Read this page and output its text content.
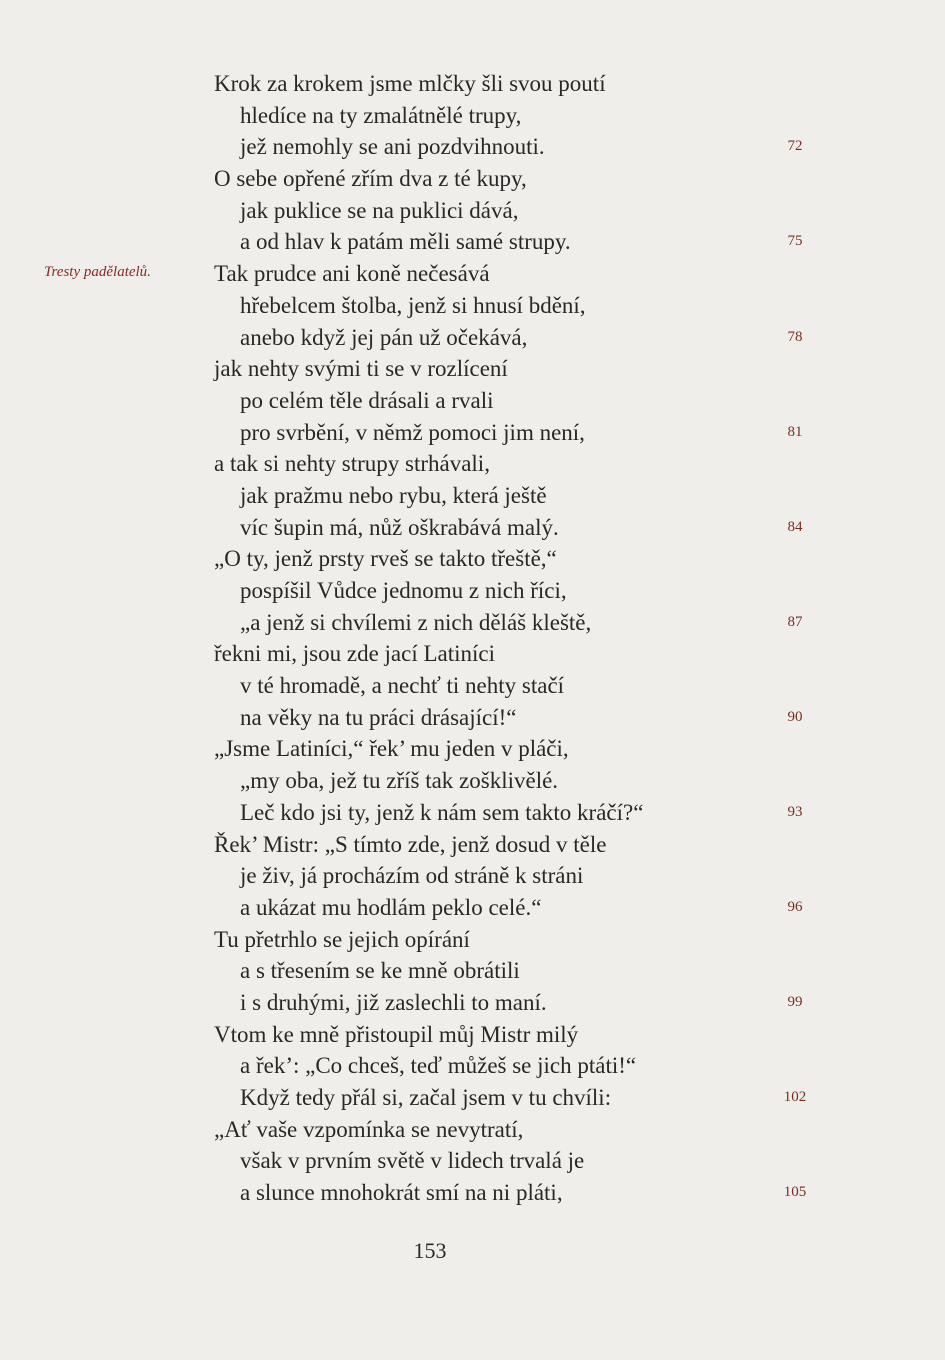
Tresty padělatelů.
Krok za krokem jsme mlčky šli svou poutí
hledíce na ty zmalátnělé trupy,
jež nemohly se ani pozdvihnouti.
O sebe opřené zřím dva z té kupy,
jak puklice se na puklici dává,
a od hlav k patám měli samé strupy.
Tak prudce ani koně nečesává
hřebelcem štolba, jenž si hnusí bdění,
anebo když jej pán už očekává,
jak nehty svými ti se v rozlícení
po celém těle drásali a rvali
pro svrbění, v němž pomoci jim není,
a tak si nehty strupy strhávali,
jak pražmu nebo rybu, která ještě
víc šupin má, nůž oškrabává malý.
„O ty, jenž prsty rveš se takto třeště,“
pospíšil Vůdce jednomu z nich říci,
„a jenž si chvílemi z nich děláš kleště,
řekni mi, jsou zde jací Latiníci
v té hromadě, a nechť ti nehty stačí
na věky na tu práci drásající!“
„Jsme Latiníci,“ řek’ mu jeden v pláči,
„my oba, jež tu zříš tak zošklivělé.
Leč kdo jsi ty, jenž k nám sem takto kráčí?“
Řek’ Mistr: „S tímto zde, jenž dosud v těle
je živ, já procházím od stráně k stráni
a ukázat mu hodlám peklo celé.“
Tu přetrhlo se jejich opírání
a s třesením se ke mně obrátili
i s druhými, již zaslechli to maní.
Vtom ke mně přistoupil můj Mistr milý
a řek’: „Co chceš, teď můžeš se jich ptáti!“
Když tedy přál si, začal jsem v tu chvíli:
„Ať vaše vzpomínka se nevytratí,
však v prvním světě v lidech trvalá je
a slunce mnohokrát smí na ni pláti,
72
75
78
81
84
87
90
93
96
99
102
105
153
